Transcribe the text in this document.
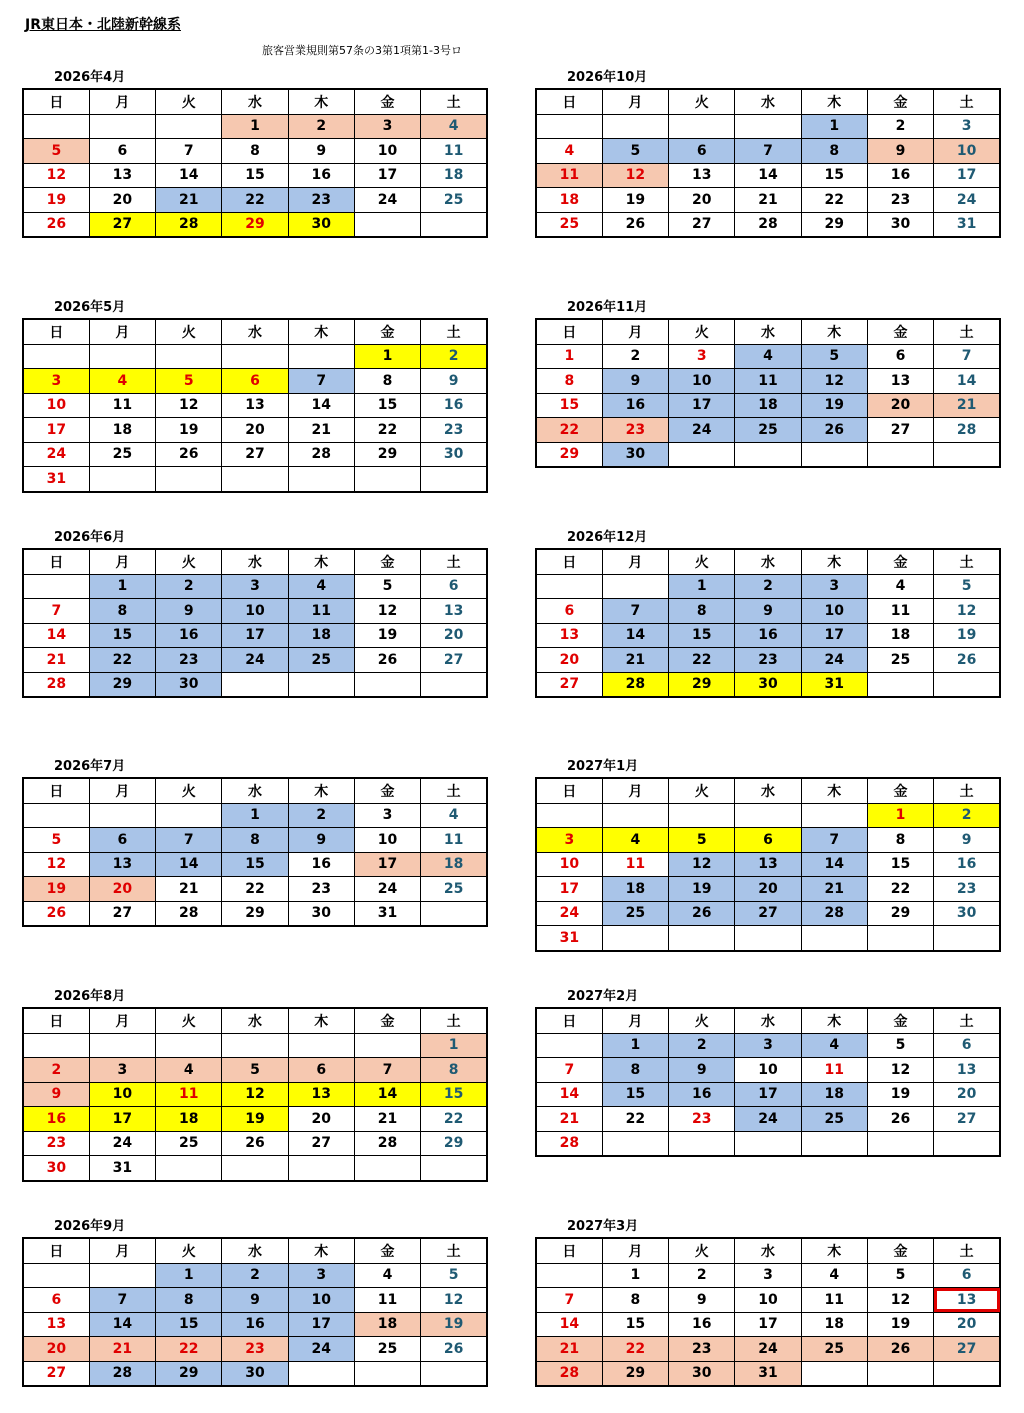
JR東日本・北陸新幹線系
旅客営業規則第57条の3第1項第1-3号ロ
2026年4月
日	月	火	水	木	金	土
			1	2	3	4
5	6	7	8	9	10	11
12	13	14	15	16	17	18
19	20	21	22	23	24	25
26	27	28	29	30		
2026年5月
日	月	火	水	木	金	土
					1	2
3	4	5	6	7	8	9
10	11	12	13	14	15	16
17	18	19	20	21	22	23
24	25	26	27	28	29	30
31						
2026年6月
日	月	火	水	木	金	土
	1	2	3	4	5	6
7	8	9	10	11	12	13
14	15	16	17	18	19	20
21	22	23	24	25	26	27
28	29	30				
2026年7月
日	月	火	水	木	金	土
			1	2	3	4
5	6	7	8	9	10	11
12	13	14	15	16	17	18
19	20	21	22	23	24	25
26	27	28	29	30	31	
2026年8月
日	月	火	水	木	金	土
						1
2	3	4	5	6	7	8
9	10	11	12	13	14	15
16	17	18	19	20	21	22
23	24	25	26	27	28	29
30	31					
2026年9月
日	月	火	水	木	金	土
		1	2	3	4	5
6	7	8	9	10	11	12
13	14	15	16	17	18	19
20	21	22	23	24	25	26
27	28	29	30			
2026年10月
日	月	火	水	木	金	土
				1	2	3
4	5	6	7	8	9	10
11	12	13	14	15	16	17
18	19	20	21	22	23	24
25	26	27	28	29	30	31
2026年11月
日	月	火	水	木	金	土
1	2	3	4	5	6	7
8	9	10	11	12	13	14
15	16	17	18	19	20	21
22	23	24	25	26	27	28
29	30					
2026年12月
日	月	火	水	木	金	土
		1	2	3	4	5
6	7	8	9	10	11	12
13	14	15	16	17	18	19
20	21	22	23	24	25	26
27	28	29	30	31		
2027年1月
日	月	火	水	木	金	土
					1	2
3	4	5	6	7	8	9
10	11	12	13	14	15	16
17	18	19	20	21	22	23
24	25	26	27	28	29	30
31						
2027年2月
日	月	火	水	木	金	土
	1	2	3	4	5	6
7	8	9	10	11	12	13
14	15	16	17	18	19	20
21	22	23	24	25	26	27
28						
2027年3月
日	月	火	水	木	金	土
	1	2	3	4	5	6
7	8	9	10	11	12	13
14	15	16	17	18	19	20
21	22	23	24	25	26	27
28	29	30	31			
